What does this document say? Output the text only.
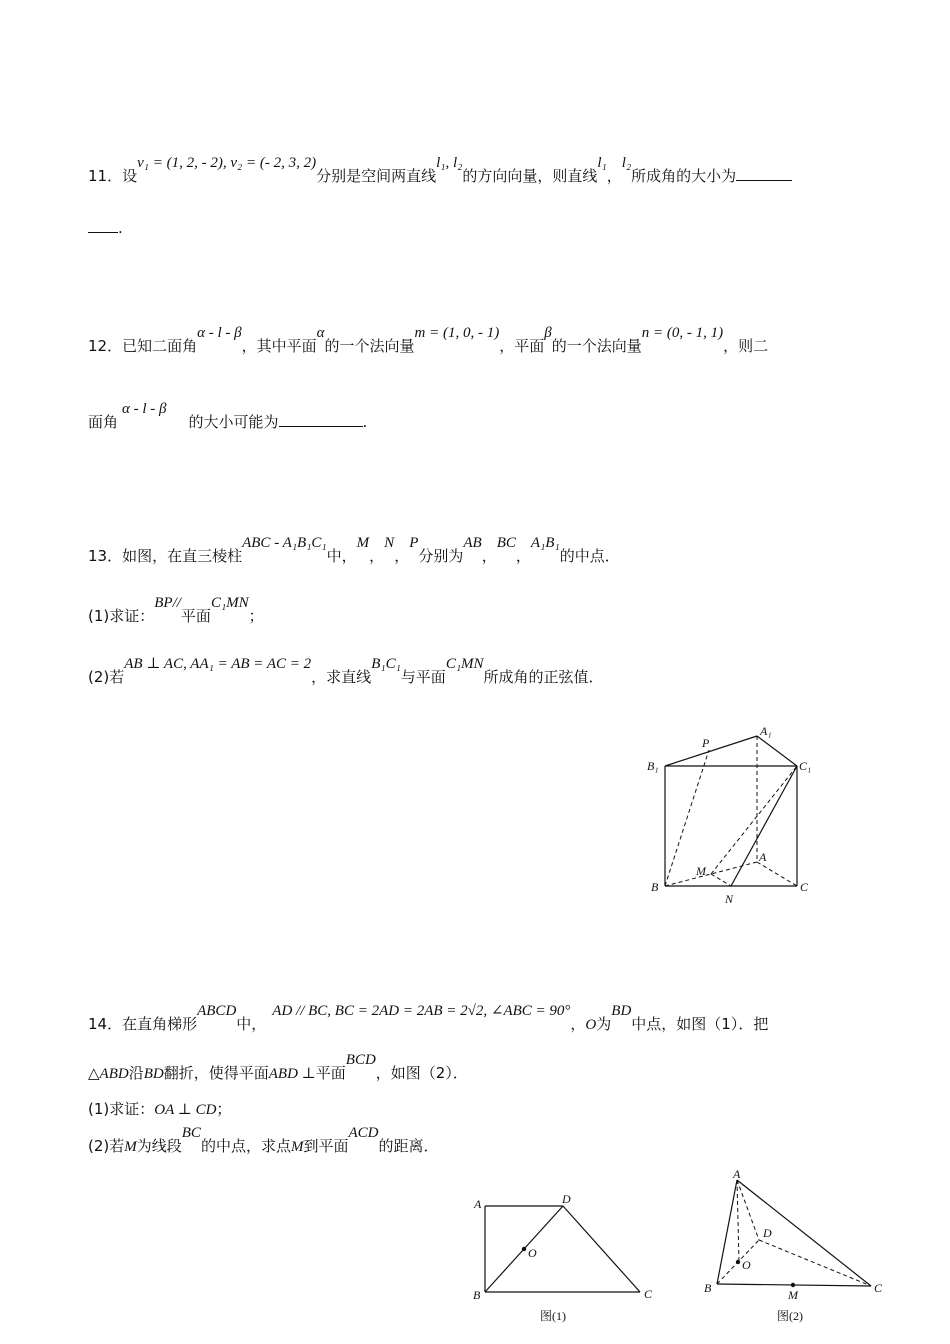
11．设v₁ = (1, 2, - 2), v₂ = (- 2, 3, 2)分别是空间两直线l₁, l₂的方向向量，则直线l₁，l₂所成角的大小为
.
12．已知二面角α - l - β，其中平面α的一个法向量m = (1, 0, - 1)，平面β的一个法向量n = (0, - 1, 1)，则二
面角α - l - β的大小可能为	.
13．如图，在直三棱柱ABC - A₁B₁C₁中，M，N，P分别为AB，BC，A₁B₁的中点．
(1)求证：BP//平面C₁MN；
(2)若AB ⊥ AC, AA₁ = AB = AC = 2，求直线B₁C₁与平面C₁MN所成角的正弦值．
P
A₁
B₁	C₁
A
M
B	C
N
14．在直角梯形ABCD中，AD // BC, BC = 2AD = 2AB = 2√2, ∠ABC = 90°，O为BD中点，如图（1）．把
△ABD沿BD翻折，使得平面ABD ⊥平面BCD，如图（2）．
(1)求证：OA ⊥ CD；
(2)若M为线段BC的中点，求点M到平面ACD的距离．
A	D
O
B	C
图(1)
A
D
O
B	M	C
图(2)
